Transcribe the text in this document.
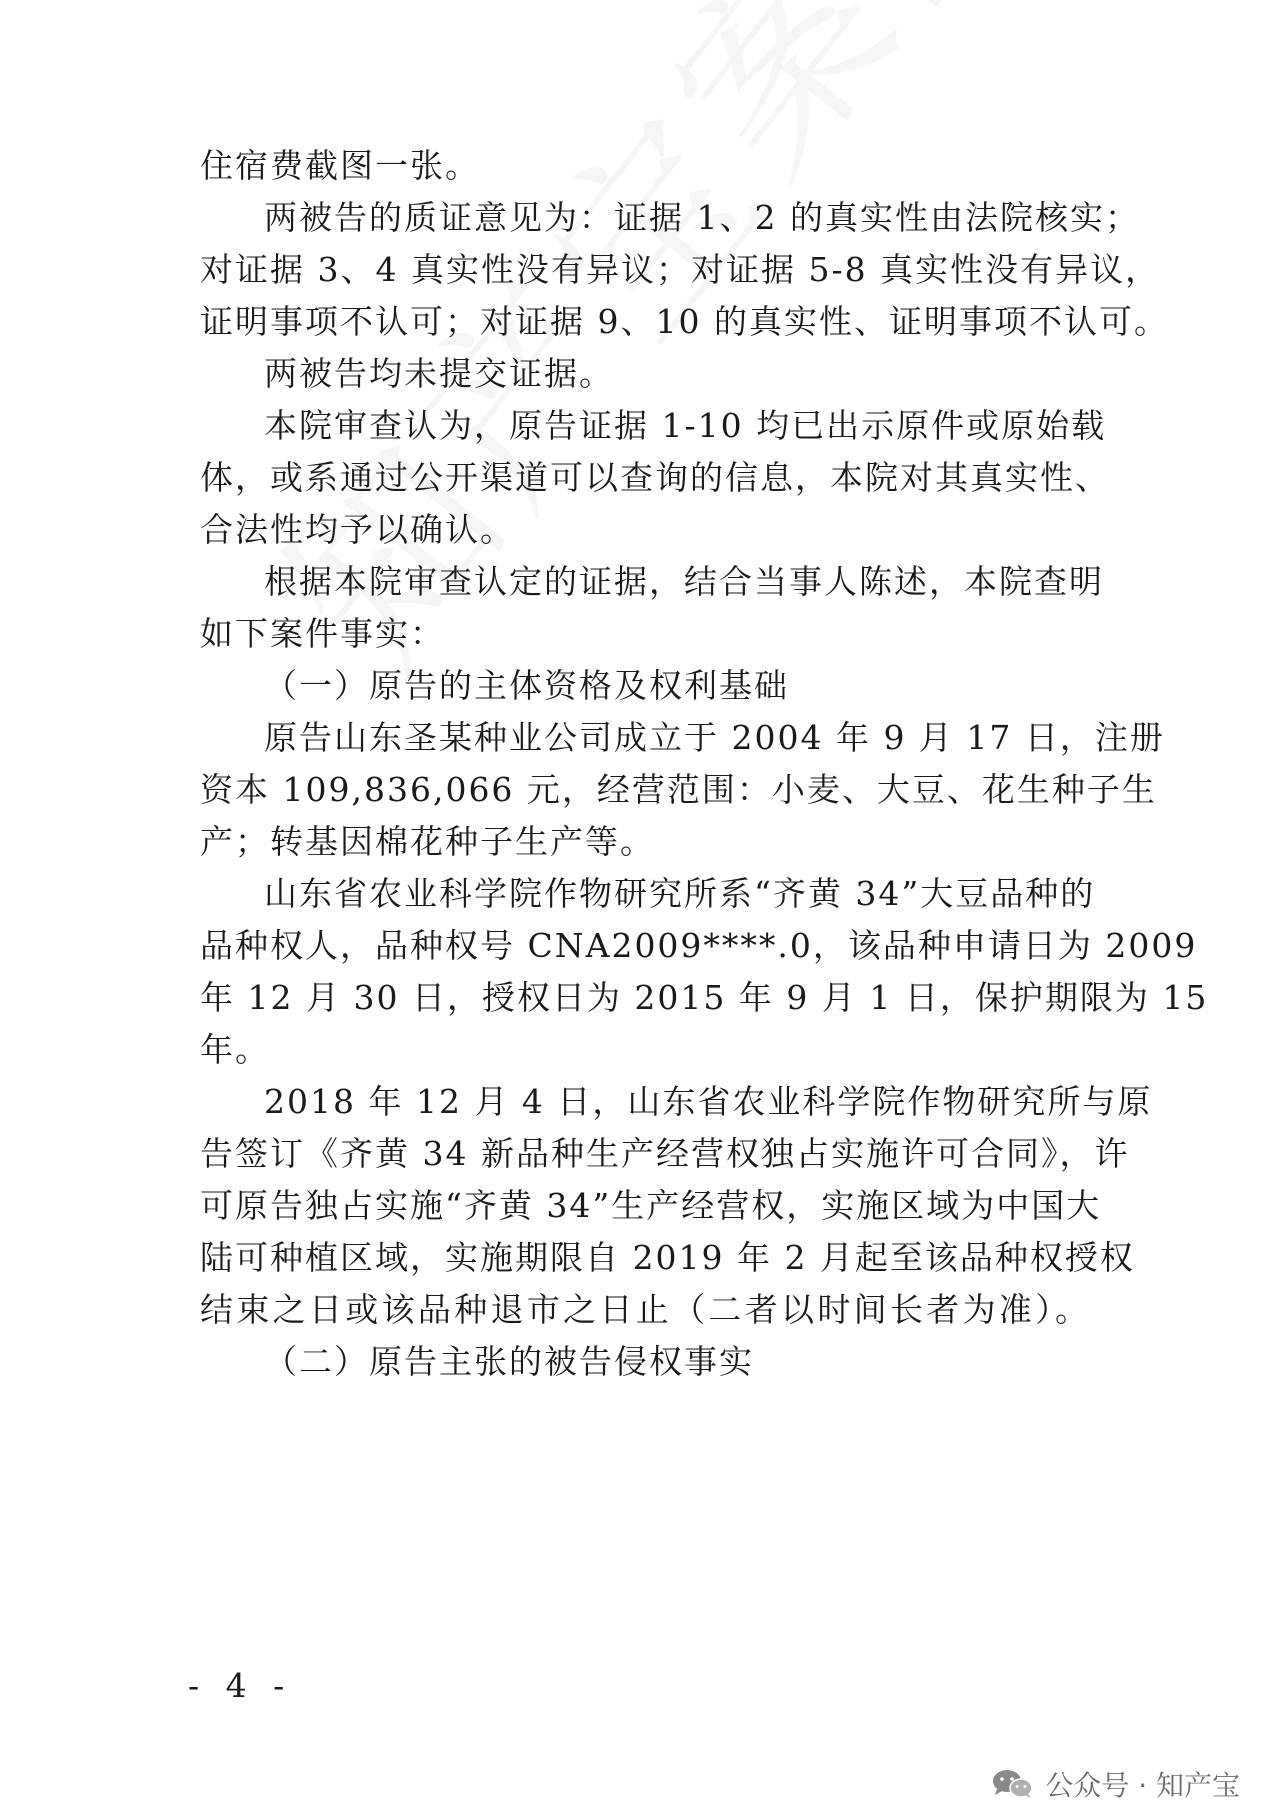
住宿费截图一张。
两被告的质证意见为：证据 1、2 的真实性由法院核实；
对证据 3、4 真实性没有异议；对证据 5-8 真实性没有异议，
证明事项不认可；对证据 9、10 的真实性、证明事项不认可。
两被告均未提交证据。
本院审查认为，原告证据 1-10 均已出示原件或原始载
体，或系通过公开渠道可以查询的信息，本院对其真实性、
合法性均予以确认。
根据本院审查认定的证据，结合当事人陈述，本院查明
如下案件事实：
（一）原告的主体资格及权利基础
原告山东圣某种业公司成立于 2004 年 9 月 17 日，注册
资本 109,836,066 元，经营范围：小麦、大豆、花生种子生
产；转基因棉花种子生产等。
山东省农业科学院作物研究所系“齐黄 34”大豆品种的
品种权人，品种权号 CNA2009****.0，该品种申请日为 2009
年 12 月 30 日，授权日为 2015 年 9 月 1 日，保护期限为 15
年。
2018 年 12 月 4 日，山东省农业科学院作物研究所与原
告签订《齐黄 34 新品种生产经营权独占实施许可合同》，许
可原告独占实施“齐黄 34”生产经营权，实施区域为中国大
陆可种植区域，实施期限自 2019 年 2 月起至该品种权授权
结束之日或该品种退市之日止（二者以时间长者为准）。
（二）原告主张的被告侵权事实
- 4 -
公众号 · 知产宝
